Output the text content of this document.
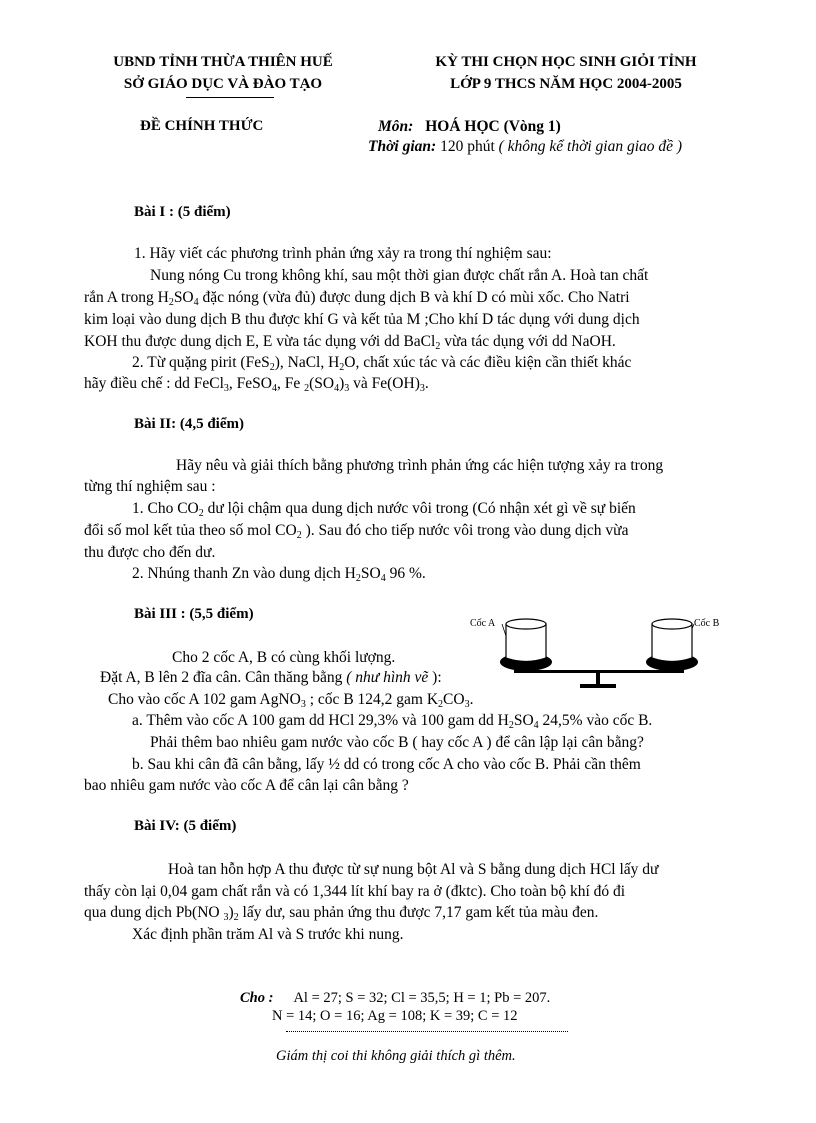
UBND TỈNH THỪA THIÊN HUẾ
SỞ GIÁO DỤC VÀ ĐÀO TẠO
KỲ THI CHỌN HỌC SINH GIỎI TỈNH
LỚP 9 THCS NĂM HỌC 2004-2005
ĐỀ CHÍNH THỨC	Môn: HOÁ HỌC (Vòng 1)
Thời gian: 120 phút ( không kể thời gian giao đề )
Bài I : (5 điểm)
1. Hãy viết các phương trình phản ứng xảy ra trong thí nghiệm sau:
Nung nóng Cu trong không khí, sau một thời gian được chất rắn A. Hoà tan chất
rắn A trong $H_2SO_4$ đặc nóng (vừa đủ) được dung dịch B và khí D có mùi xốc. Cho Natri
kim loại vào dung dịch B thu được khí G và kết tủa M ;Cho khí D tác dụng với dung dịch
KOH thu được dung dịch E, E vừa tác dụng với dd BaCl$_2$ vừa tác dụng với dd NaOH.
2. Từ quặng pirit (FeS$_2$), NaCl, $H_2O$, chất xúc tác và các điều kiện cần thiết khác
hãy điều chế : dd FeCl$_3$, FeSO$_4$, Fe $_2(SO_4)_3$ và $Fe(OH)_3$.
Bài II: (4,5 điểm)
Hãy nêu và giải thích bằng phương trình phản ứng các hiện tượng xảy ra trong
từng thí nghiệm sau :
1. Cho $CO_2$ dư lội chậm qua dung dịch nước vôi trong (Có nhận xét gì về sự biến
đổi số mol kết tủa theo số mol $CO_2$ ). Sau đó cho tiếp nước vôi trong vào dung dịch vừa
thu được cho đến dư.
2. Nhúng thanh Zn vào dung dịch $H_2SO_4$ 96 %.
Bài III : (5,5 điểm)
Cho 2 cốc A, B có cùng khối lượng.
Đặt A, B lên 2 đĩa cân. Cân thăng bằng ( như hình vẽ ):
Cho vào cốc A 102 gam AgNO$_3$ ; cốc B 124,2 gam $K_2CO_3$.
a. Thêm vào cốc A 100 gam dd HCl 29,3% và 100 gam dd $H_2SO_4$ 24,5% vào cốc B.
Phải thêm bao nhiêu gam nước vào cốc B ( hay cốc A ) để cân lập lại cân bằng?
b. Sau khi cân đã cân bằng, lấy ½ dd có trong cốc A cho vào cốc B. Phải cần thêm
bao nhiêu gam nước vào cốc A để cân lại cân bằng ?
Cốc A	Cốc B
Bài IV: (5 điểm)
Hoà tan hỗn hợp A thu được từ sự nung bột Al và S bằng dung dịch HCl lấy dư
thấy còn lại 0,04 gam chất rắn và có 1,344 lít khí bay ra ở (đktc). Cho toàn bộ khí đó đi
qua dung dịch Pb(NO $_3)_2$ lấy dư, sau phản ứng thu được 7,17 gam kết tủa màu đen.
Xác định phần trăm Al và S trước khi nung.
Cho : Al = 27; S = 32; Cl = 35,5; H = 1; Pb = 207.
N = 14; O = 16; Ag = 108; K = 39; C = 12
Giám thị coi thi không giải thích gì thêm.
